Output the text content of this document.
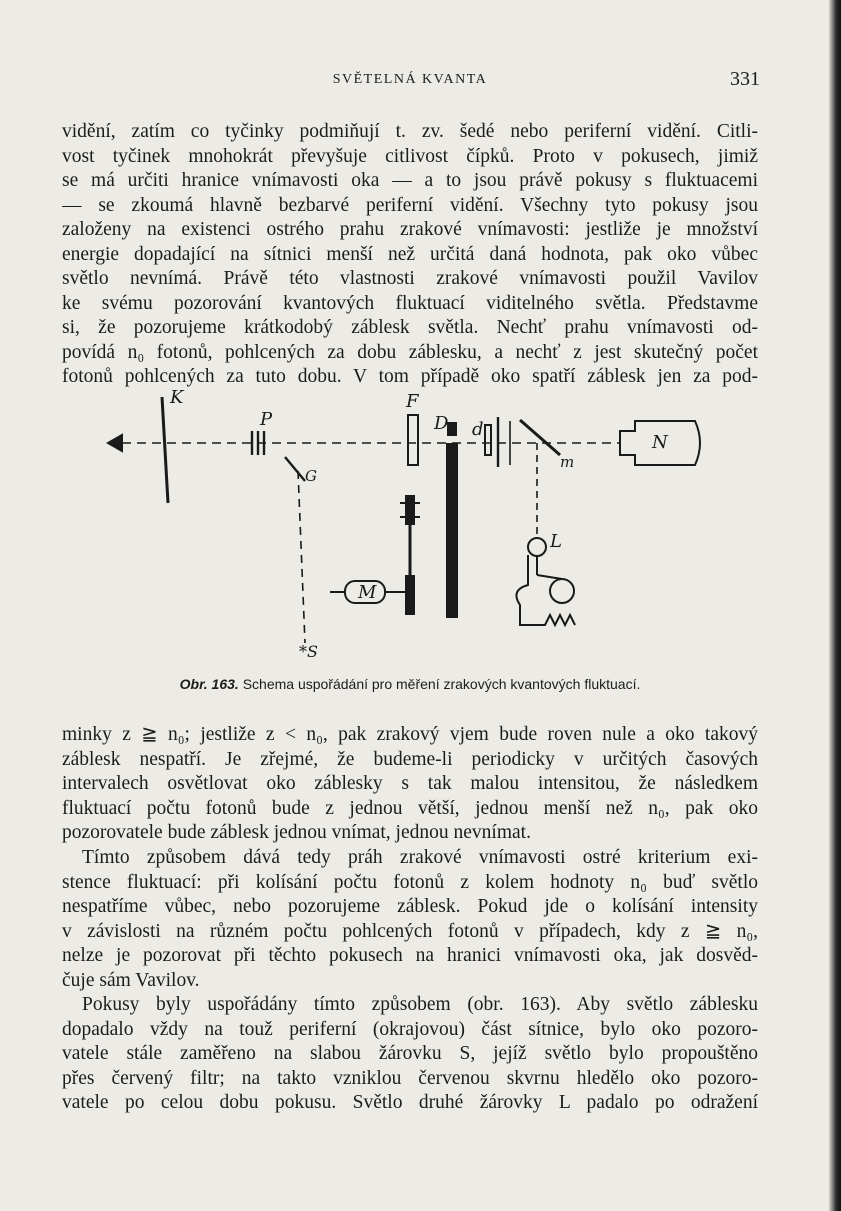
SVĚTELNÁ KVANTA	331
vidění, zatím co tyčinky podmiňují t. zv. šedé nebo periferní vidění. Citli-
vost tyčinek mnohokrát převyšuje citlivost čípků. Proto v pokusech, jimiž
se má určiti hranice vnímavosti oka — a to jsou právě pokusy s fluktuacemi
— se zkoumá hlavně bezbarvé periferní vidění. Všechny tyto pokusy jsou
založeny na existenci ostrého prahu zrakové vnímavosti: jestliže je množství
energie dopadající na sítnici menší než určitá daná hodnota, pak oko vůbec
světlo nevnímá. Právě této vlastnosti zrakové vnímavosti použil Vavilov
ke svému pozorování kvantových fluktuací viditelného světla. Představme
si, že pozorujeme krátkodobý záblesk světla. Nechť prahu vnímavosti od-
povídá n₀ fotonů, pohlcených za dobu záblesku, a nechť z jest skutečný počet
fotonů pohlcených za tuto dobu. V tom případě oko spatří záblesk jen za pod-
*S
K
P
G
F
D d
m
N
L
M
Obr. 163. Schema uspořádání pro měření zrakových kvantových fluktuací.
minky z ≧ n₀; jestliže z < n₀, pak zrakový vjem bude roven nule a oko takový
záblesk nespatří. Je zřejmé, že budeme-li periodicky v určitých časových
intervalech osvětlovat oko záblesky s tak malou intensitou, že následkem
fluktuací počtu fotonů bude z jednou větší, jednou menší než n₀, pak oko
pozorovatele bude záblesk jednou vnímat, jednou nevnímat.
Tímto způsobem dává tedy práh zrakové vnímavosti ostré kriterium exi-
stence fluktuací: při kolísání počtu fotonů z kolem hodnoty n₀ buď světlo
nespatříme vůbec, nebo pozorujeme záblesk. Pokud jde o kolísání intensity
v závislosti na různém počtu pohlcených fotonů v případech, kdy z ≧ n₀,
nelze je pozorovat při těchto pokusech na hranici vnímavosti oka, jak dosvěd-
čuje sám Vavilov.
Pokusy byly uspořádány tímto způsobem (obr. 163). Aby světlo záblesku
dopadalo vždy na touž periferní (okrajovou) část sítnice, bylo oko pozoro-
vatele stále zaměřeno na slabou žárovku S, jejíž světlo bylo propouštěno
přes červený filtr; na takto vzniklou červenou skvrnu hledělo oko pozoro-
vatele po celou dobu pokusu. Světlo druhé žárovky L padalo po odražení
